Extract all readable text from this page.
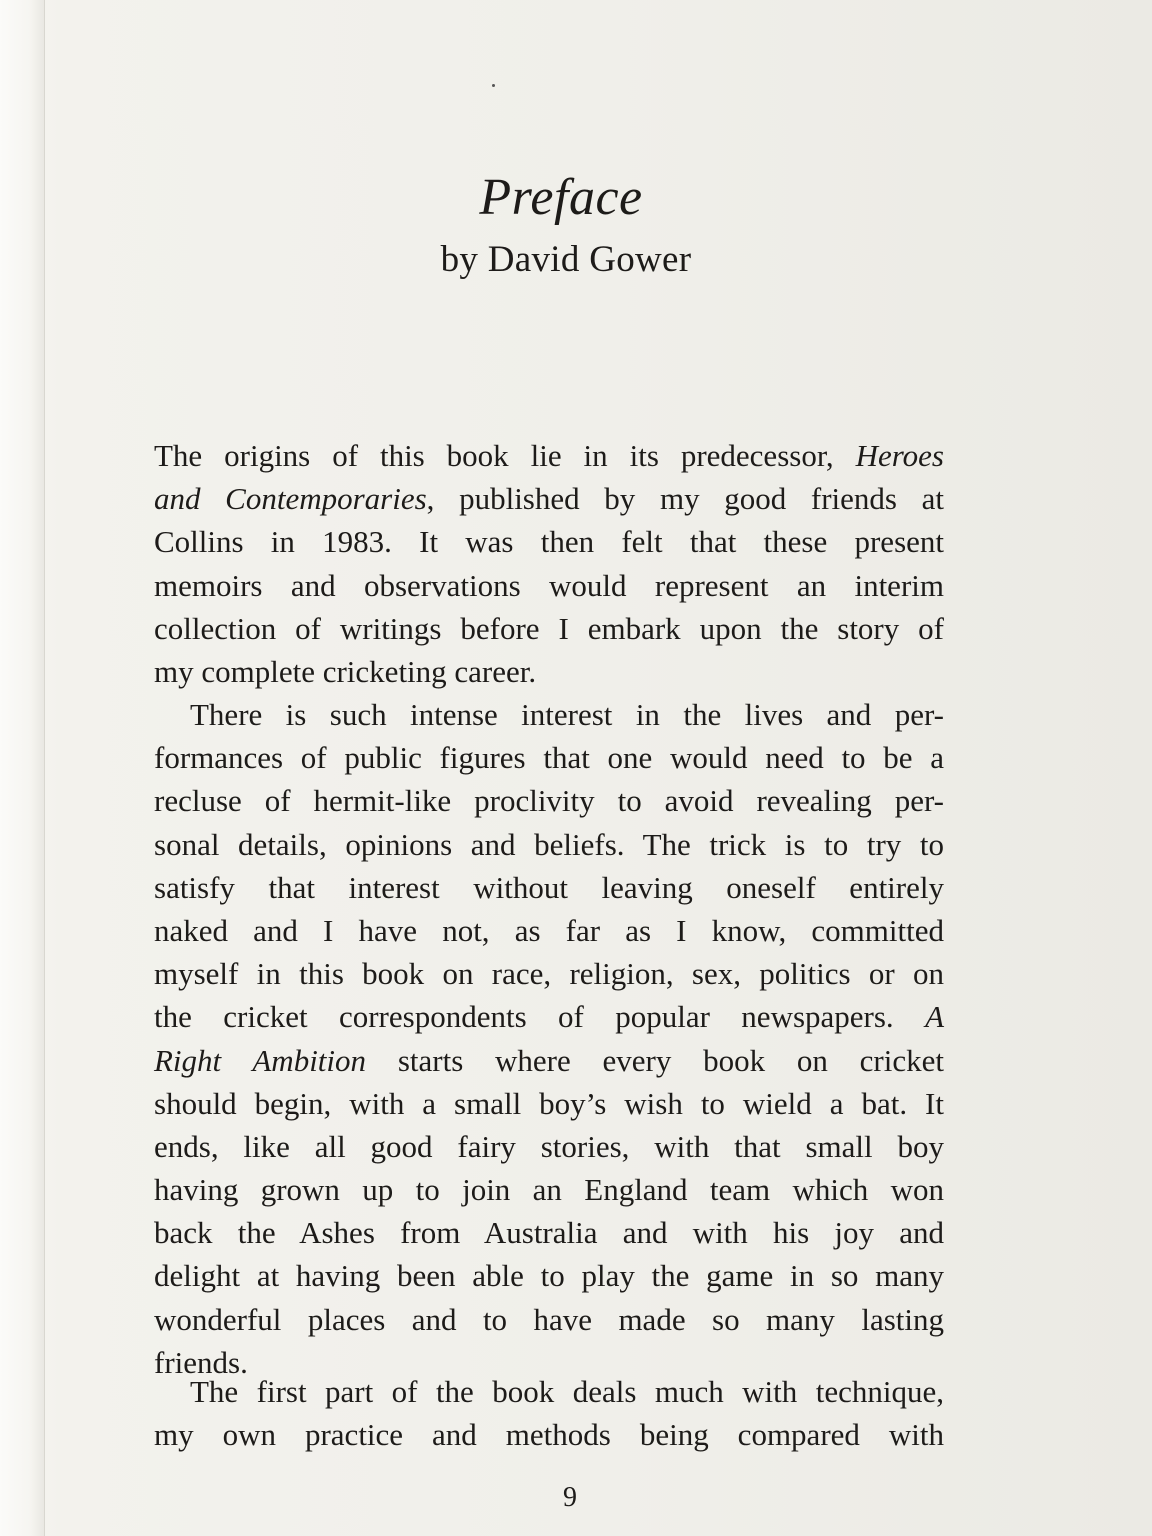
Preface
by David Gower
The origins of this book lie in its predecessor, Heroes
and Contemporaries, published by my good friends at
Collins in 1983. It was then felt that these present
memoirs and observations would represent an interim
collection of writings before I embark upon the story of
my complete cricketing career.
There is such intense interest in the lives and per-
formances of public figures that one would need to be a
recluse of hermit-like proclivity to avoid revealing per-
sonal details, opinions and beliefs. The trick is to try to
satisfy that interest without leaving oneself entirely
naked and I have not, as far as I know, committed
myself in this book on race, religion, sex, politics or on
the cricket correspondents of popular newspapers. A
Right Ambition starts where every book on cricket
should begin, with a small boy’s wish to wield a bat. It
ends, like all good fairy stories, with that small boy
having grown up to join an England team which won
back the Ashes from Australia and with his joy and
delight at having been able to play the game in so many
wonderful places and to have made so many lasting
friends.
The first part of the book deals much with technique,
my own practice and methods being compared with
9
